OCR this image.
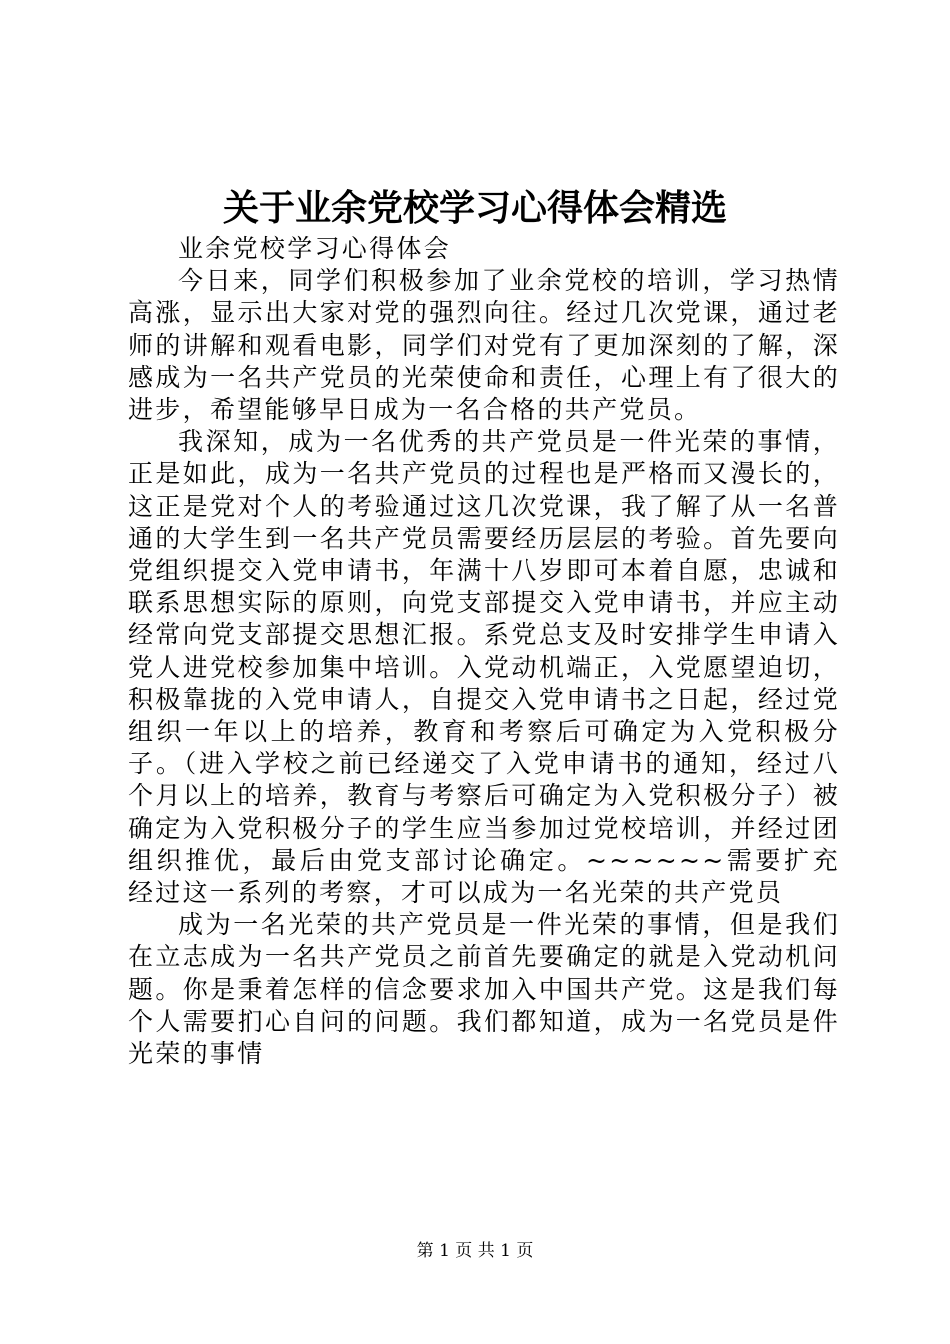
关于业余党校学习心得体会精选

业余党校学习心得体会

今日来，同学们积极参加了业余党校的培训，学习热情高涨，显示出大家对党的强烈向往。经过几次党课，通过老师的讲解和观看电影，同学们对党有了更加深刻的了解，深感成为一名共产党员的光荣使命和责任，心理上有了很大的进步，希望能够早日成为一名合格的共产党员。

我深知，成为一名优秀的共产党员是一件光荣的事情，正是如此，成为一名共产党员的过程也是严格而又漫长的，这正是党对个人的考验通过这几次党课，我了解了从一名普通的大学生到一名共产党员需要经历层层的考验。首先要向党组织提交入党申请书，年满十八岁即可本着自愿，忠诚和联系思想实际的原则，向党支部提交入党申请书，并应主动经常向党支部提交思想汇报。系党总支及时安排学生申请入党人进党校参加集中培训。入党动机端正，入党愿望迫切，积极靠拢的入党申请人，自提交入党申请书之日起，经过党组织一年以上的培养，教育和考察后可确定为入党积极分子。（进入学校之前已经递交了入党申请书的通知，经过八个月以上的培养，教育与考察后可确定为入党积极分子）被确定为入党积极分子的学生应当参加过党校培训，并经过团组织推优，最后由党支部讨论确定。~~~~~~需要扩充经过这一系列的考察，才可以成为一名光荣的共产党员

成为一名光荣的共产党员是一件光荣的事情，但是我们在立志成为一名共产党员之前首先要确定的就是入党动机问题。你是秉着怎样的信念要求加入中国共产党。这是我们每个人需要扪心自问的问题。我们都知道，成为一名党员是件光荣的事情

第 1 页 共 1 页
